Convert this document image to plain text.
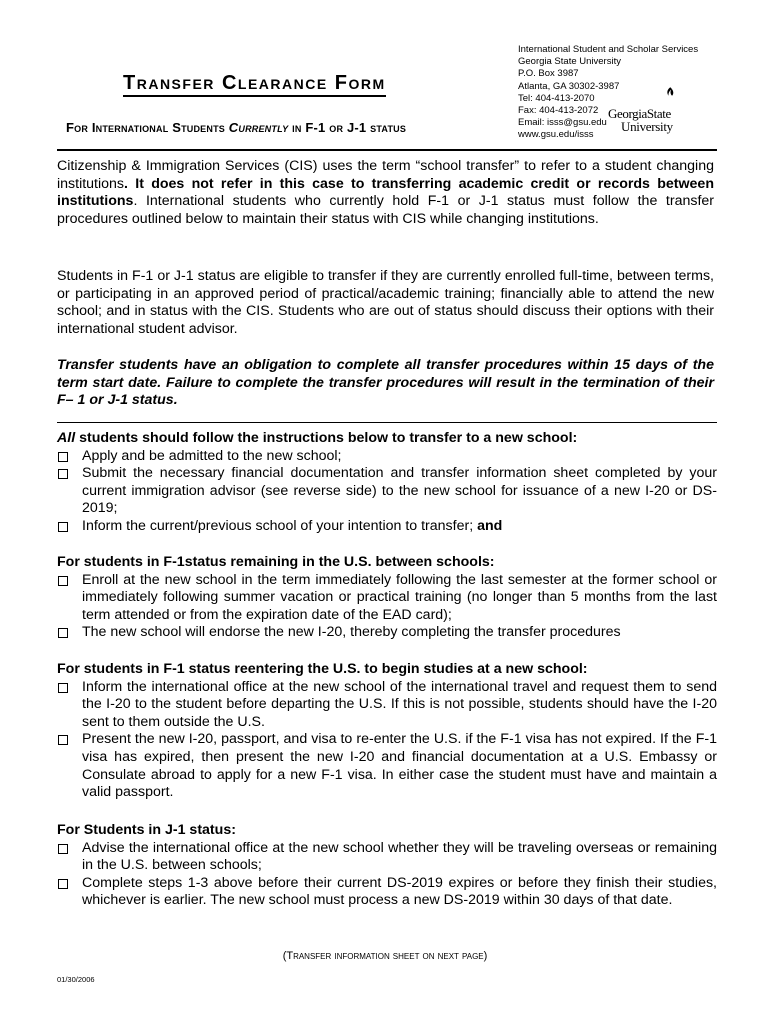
Transfer Clearance Form
For International Students Currently in F-1 or J-1 status
International Student and Scholar Services
Georgia State University
P.O. Box 3987
Atlanta, GA 30302-3987
Tel: 404-413-2070
Fax: 404-413-2072
Email: isss@gsu.edu
www.gsu.edu/isss
GeorgiaState
University
Citizenship & Immigration Services (CIS) uses the term “school transfer” to refer to a student changing institutions. It does not refer in this case to transferring academic credit or records between institutions. International students who currently hold F-1 or J-1 status must follow the transfer procedures outlined below to maintain their status with CIS while changing institutions.
Students in F-1 or J-1 status are eligible to transfer if they are currently enrolled full-time, between terms, or participating in an approved period of practical/academic training; financially able to attend the new school; and in status with the CIS. Students who are out of status should discuss their options with their international student advisor.
Transfer students have an obligation to complete all transfer procedures within 15 days of the term start date. Failure to complete the transfer procedures will result in the termination of their F– 1 or J-1 status.
All students should follow the instructions below to transfer to a new school:
Apply and be admitted to the new school;
Submit the necessary financial documentation and transfer information sheet completed by your current immigration advisor (see reverse side) to the new school for issuance of a new I-20 or DS-2019;
Inform the current/previous school of your intention to transfer; and
For students in F-1status remaining in the U.S. between schools:
Enroll at the new school in the term immediately following the last semester at the former school or immediately following summer vacation or practical training (no longer than 5 months from the last term attended or from the expiration date of the EAD card);
The new school will endorse the new I-20, thereby completing the transfer procedures
For students in F-1 status reentering the U.S. to begin studies at a new school:
Inform the international office at the new school of the international travel and request them to send the I-20 to the student before departing the U.S. If this is not possible, students should have the I-20 sent to them outside the U.S.
Present the new I-20, passport, and visa to re-enter the U.S. if the F-1 visa has not expired. If the F-1 visa has expired, then present the new I-20 and financial documentation at a U.S. Embassy or Consulate abroad to apply for a new F-1 visa. In either case the student must have and maintain a valid passport.
For Students in J-1 status:
Advise the international office at the new school whether they will be traveling overseas or remaining in the U.S. between schools;
Complete steps 1-3 above before their current DS-2019 expires or before they finish their studies, whichever is earlier. The new school must process a new DS-2019 within 30 days of that date.
(Transfer information sheet on next page)
01/30/2006
